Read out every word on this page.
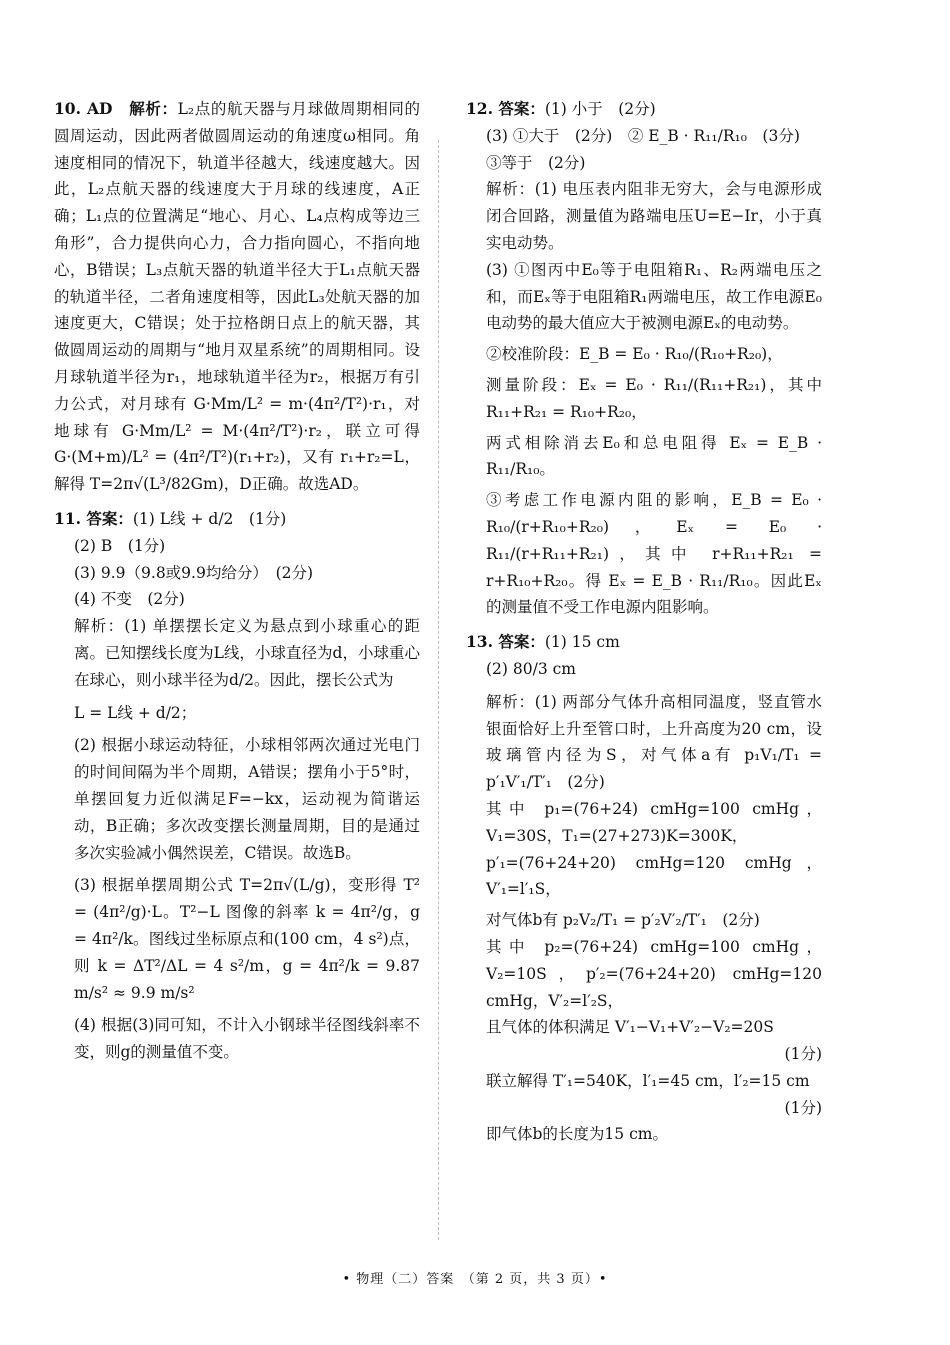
10. AD　解析：L₂点的航天器与月球做周期相同的圆周运动，因此两者做圆周运动的角速度ω相同。角速度相同的情况下，轨道半径越大，线速度越大。因此，L₂点航天器的线速度大于月球的线速度，A正确；L₁点的位置满足“地心、月心、L₄点构成等边三角形”，合力提供向心力，合力指向圆心，不指向地心，B错误；L₃点航天器的轨道半径大于L₁点航天器的轨道半径，二者角速度相等，因此L₃处航天器的加速度更大，C错误；处于拉格朗日点上的航天器，其做圆周运动的周期与“地月双星系统”的周期相同。设月球轨道半径为r₁，地球轨道半径为r₂，根据万有引力公式，对月球有 G·Mm/L² = m·(4π²/T²)·r₁，对地球有 G·Mm/L² = M·(4π²/T²)·r₂，联立可得 G·(M+m)/L² = (4π²/T²)(r₁+r₂)，又有 r₁+r₂=L，解得 T=2π√(L³/82Gm)，D正确。故选AD。

11. 答案：(1) L线 + d/2　(1分)

(2) B　(1分)

(3) 9.9（9.8或9.9均给分）　(2分)

(4) 不变　(2分)

解析：(1) 单摆摆长定义为悬点到小球重心的距离。已知摆线长度为L线，小球直径为d，小球重心在球心，则小球半径为d/2。因此，摆长公式为

L = L线 + d/2；

(2) 根据小球运动特征，小球相邻两次通过光电门的时间间隔为半个周期，A错误；摆角小于5°时，单摆回复力近似满足F=−kx，运动视为简谐运动，B正确；多次改变摆长测量周期，目的是通过多次实验减小偶然误差，C错误。故选B。

(3) 根据单摆周期公式 T=2π√(L/g)，变形得 T² = (4π²/g)·L。T²−L 图像的斜率 k = 4π²/g，g = 4π²/k。图线过坐标原点和(100 cm，4 s²)点，则 k = ΔT²/ΔL = 4 s²/m，g = 4π²/k = 9.87 m/s² ≈ 9.9 m/s²

(4) 根据(3)同可知，不计入小钢球半径图线斜率不变，则g的测量值不变。

12. 答案：(1) 小于　(2分)

(3) ①大于　(2分)　② E_B · R₁₁/R₁₀　(3分)

③等于　(2分)

解析：(1) 电压表内阻非无穷大，会与电源形成闭合回路，测量值为路端电压U=E−Ir，小于真实电动势。

(3) ①图丙中E₀等于电阻箱R₁、R₂两端电压之和，而Eₓ等于电阻箱R₁两端电压，故工作电源E₀电动势的最大值应大于被测电源Eₓ的电动势。

②校准阶段：E_B = E₀ · R₁₀/(R₁₀+R₂₀)，

测量阶段：Eₓ = E₀ · R₁₁/(R₁₁+R₂₁)，其中 R₁₁+R₂₁ = R₁₀+R₂₀，

两式相除消去E₀和总电阻得 Eₓ = E_B · R₁₁/R₁₀。

③考虑工作电源内阻的影响，E_B = E₀ · R₁₀/(r+R₁₀+R₂₀)，Eₓ = E₀ · R₁₁/(r+R₁₁+R₂₁)，其中 r+R₁₁+R₂₁ = r+R₁₀+R₂₀。得 Eₓ = E_B · R₁₁/R₁₀。因此Eₓ的测量值不受工作电源内阻影响。

13. 答案：(1) 15 cm

(2) 80/3 cm

解析：(1) 两部分气体升高相同温度，竖直管水银面恰好上升至管口时，上升高度为20 cm，设玻璃管内径为S，对气体a有 p₁V₁/T₁ = p′₁V′₁/T′₁　(2分)

其中 p₁=(76+24) cmHg=100 cmHg，V₁=30S，T₁=(27+273)K=300K，

p′₁=(76+24+20) cmHg=120 cmHg，V′₁=l′₁S，

对气体b有 p₂V₂/T₁ = p′₂V′₂/T′₁　(2分)

其中 p₂=(76+24) cmHg=100 cmHg，V₂=10S，p′₂=(76+24+20) cmHg=120 cmHg，V′₂=l′₂S，

且气体的体积满足 V′₁−V₁+V′₂−V₂=20S

(1分)

联立解得 T′₁=540K，l′₁=45 cm，l′₂=15 cm

(1分)

即气体b的长度为15 cm。

• 物理（二）答案　（第 2 页，共 3 页）•
